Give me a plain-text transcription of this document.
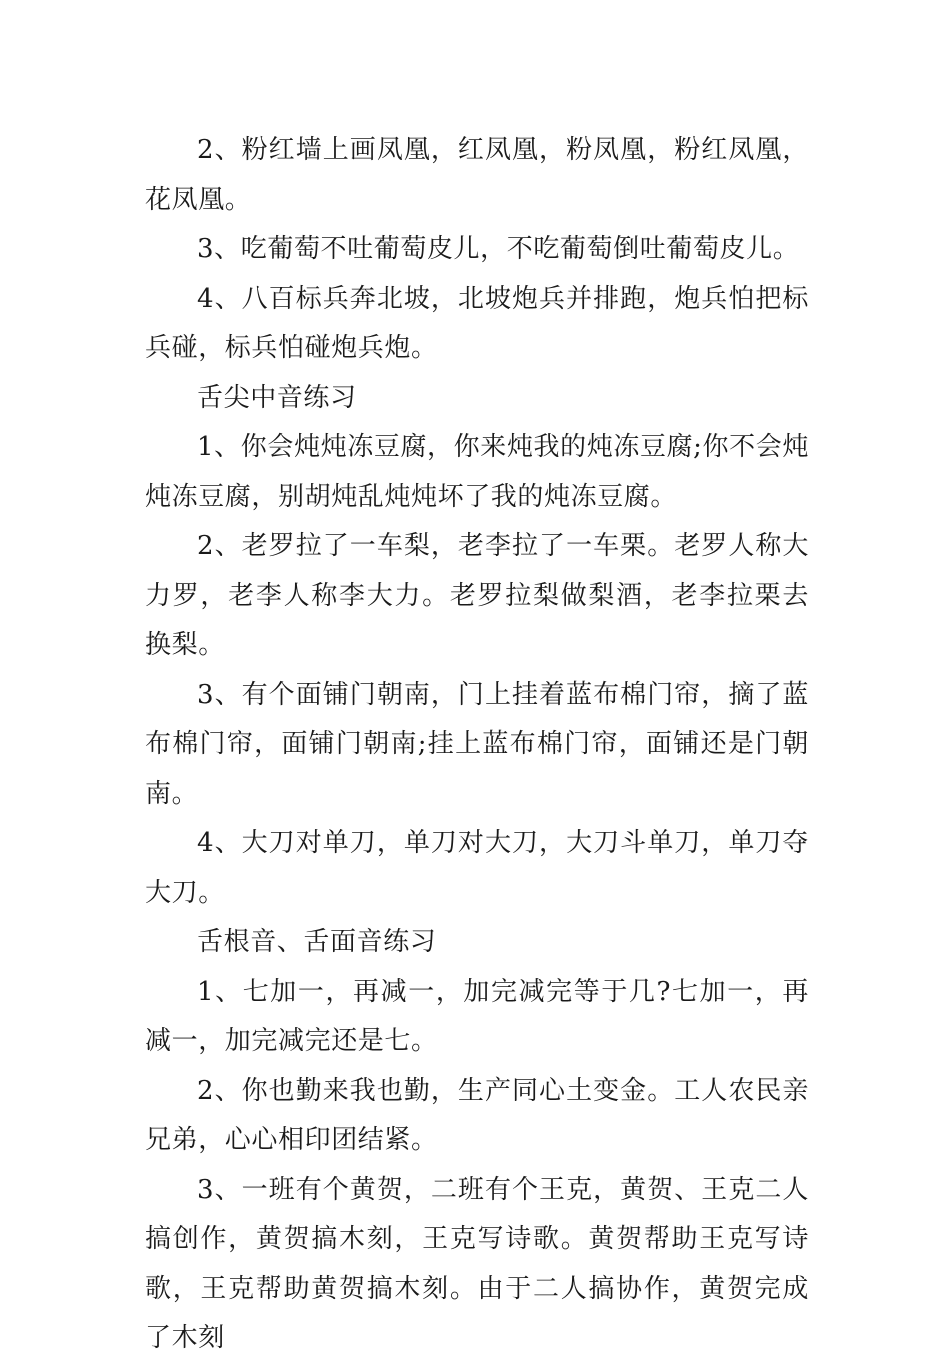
2、粉红墙上画凤凰，红凤凰，粉凤凰，粉红凤凰，花凤凰。

3、吃葡萄不吐葡萄皮儿，不吃葡萄倒吐葡萄皮儿。

4、八百标兵奔北坡，北坡炮兵并排跑，炮兵怕把标兵碰，标兵怕碰炮兵炮。

舌尖中音练习

1、你会炖炖冻豆腐，你来炖我的炖冻豆腐;你不会炖炖冻豆腐，别胡炖乱炖炖坏了我的炖冻豆腐。

2、老罗拉了一车梨，老李拉了一车栗。老罗人称大力罗，老李人称李大力。老罗拉梨做梨酒，老李拉栗去换梨。

3、有个面铺门朝南，门上挂着蓝布棉门帘，摘了蓝布棉门帘，面铺门朝南;挂上蓝布棉门帘，面铺还是门朝南。

4、大刀对单刀，单刀对大刀，大刀斗单刀，单刀夺大刀。

舌根音、舌面音练习

1、七加一，再减一，加完减完等于几?七加一，再减一，加完减完还是七。

2、你也勤来我也勤，生产同心土变金。工人农民亲兄弟，心心相印团结紧。

3、一班有个黄贺，二班有个王克，黄贺、王克二人搞创作，黄贺搞木刻，王克写诗歌。黄贺帮助王克写诗歌，王克帮助黄贺搞木刻。由于二人搞协作，黄贺完成了木刻
